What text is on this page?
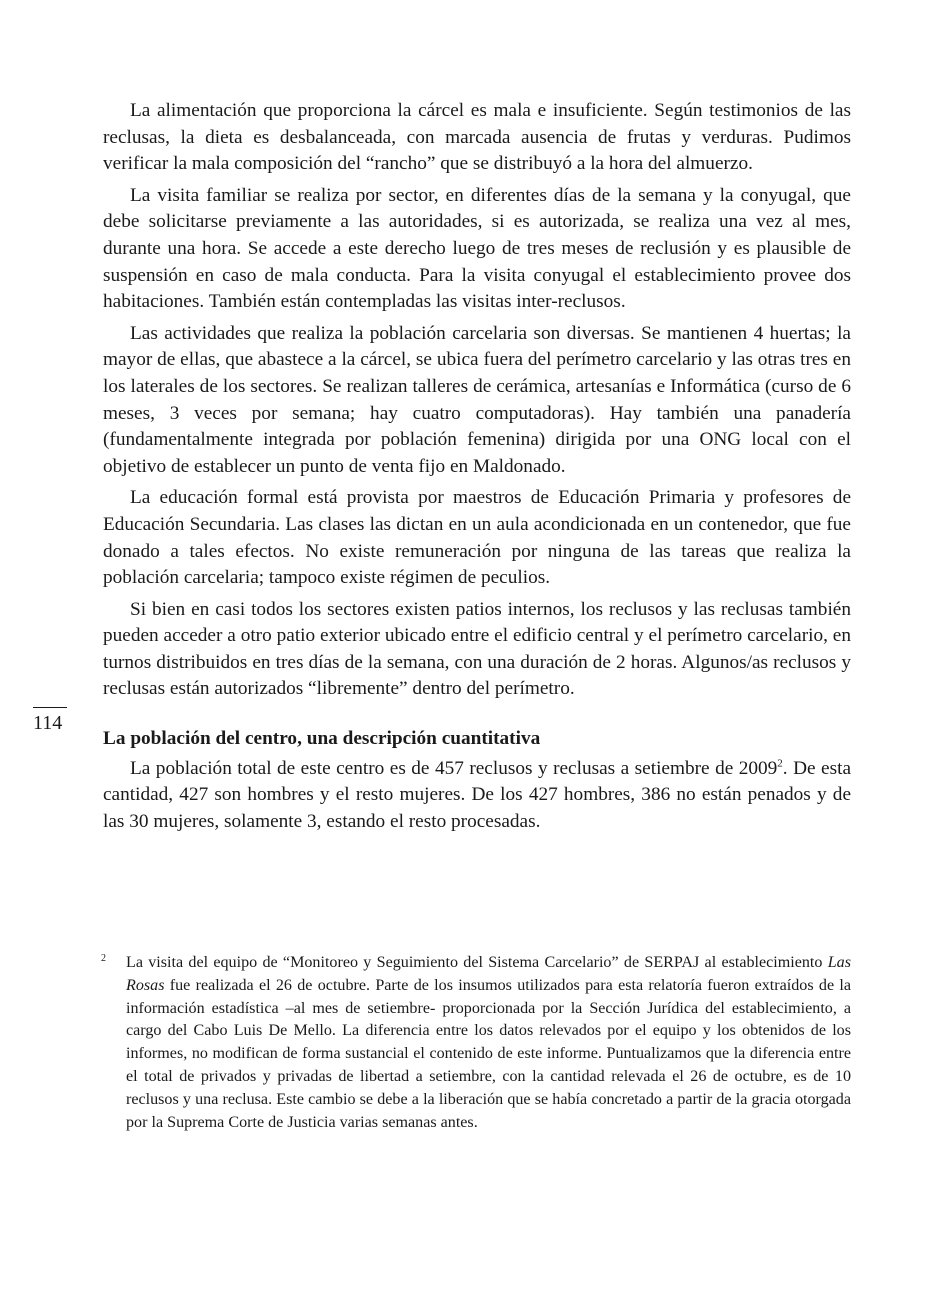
La alimentación que proporciona la cárcel es mala e insuficiente. Según testimonios de las reclusas, la dieta es desbalanceada, con marcada ausencia de frutas y verduras. Pudimos verificar la mala composición del “rancho” que se distribuyó a la hora del almuerzo.

La visita familiar se realiza por sector, en diferentes días de la semana y la conyugal, que debe solicitarse previamente a las autoridades, si es autorizada, se realiza una vez al mes, durante una hora. Se accede a este derecho luego de tres meses de reclusión y es plausible de suspensión en caso de mala conducta. Para la visita conyugal el establecimiento provee dos habitaciones. También están contempladas las visitas inter-reclusos.

Las actividades que realiza la población carcelaria son diversas. Se mantienen 4 huertas; la mayor de ellas, que abastece a la cárcel, se ubica fuera del perímetro carcelario y las otras tres en los laterales de los sectores. Se realizan talleres de cerámica, artesanías e Informática (curso de 6 meses, 3 veces por semana; hay cuatro computadoras). Hay también una panadería (fundamentalmente integrada por población femenina) dirigida por una ONG local con el objetivo de establecer un punto de venta fijo en Maldonado.

La educación formal está provista por maestros de Educación Primaria y profesores de Educación Secundaria. Las clases las dictan en un aula acondicionada en un contenedor, que fue donado a tales efectos. No existe remuneración por ninguna de las tareas que realiza la población carcelaria; tampoco existe régimen de peculios.

Si bien en casi todos los sectores existen patios internos, los reclusos y las reclusas también pueden acceder a otro patio exterior ubicado entre el edificio central y el perímetro carcelario, en turnos distribuidos en tres días de la semana, con una duración de 2 horas. Algunos/as reclusos y reclusas están autorizados “libremente” dentro del perímetro.

La población del centro, una descripción cuantitativa

La población total de este centro es de 457 reclusos y reclusas a setiembre de 2009$^2$. De esta cantidad, 427 son hombres y el resto mujeres. De los 427 hombres, 386 no están penados y de las 30 mujeres, solamente 3, estando el resto procesadas.

114
2 La visita del equipo de “Monitoreo y Seguimiento del Sistema Carcelario” de SERPAJ al establecimiento Las Rosas fue realizada el 26 de octubre. Parte de los insumos utilizados para esta relatoría fueron extraídos de la información estadística –al mes de setiembre- proporcionada por la Sección Jurídica del establecimiento, a cargo del Cabo Luis De Mello. La diferencia entre los datos relevados por el equipo y los obtenidos de los informes, no modifican de forma sustancial el contenido de este informe. Puntualizamos que la diferencia entre el total de privados y privadas de libertad a setiembre, con la cantidad relevada el 26 de octubre, es de 10 reclusos y una reclusa. Este cambio se debe a la liberación que se había concretado a partir de la gracia otorgada por la Suprema Corte de Justicia varias semanas antes.
